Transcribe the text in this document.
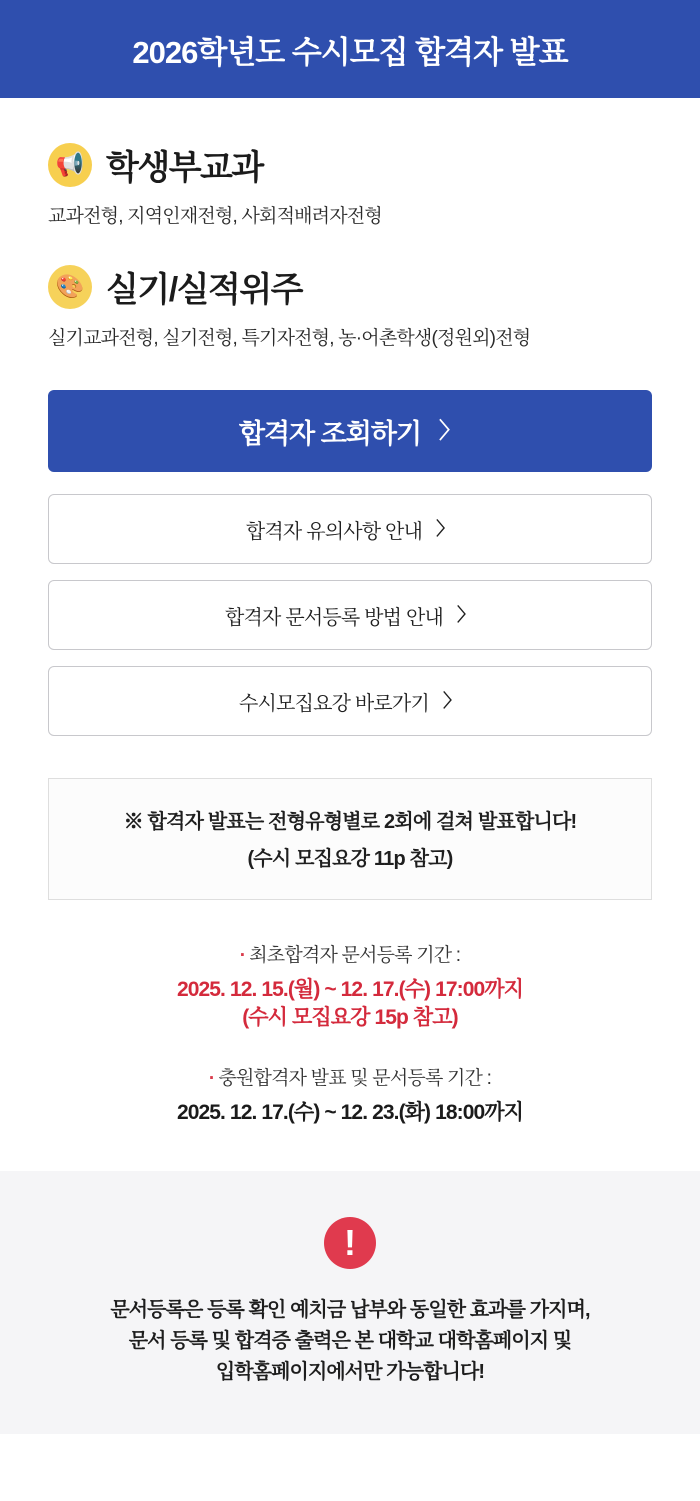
2026학년도 수시모집 합격자 발표
📢 학생부교과
교과전형, 지역인재전형, 사회적배려자전형
🎨 실기/실적위주
실기교과전형, 실기전형, 특기자전형, 농·어촌학생(정원외)전형
합격자 조회하기 〉
합격자 유의사항 안내 〉
합격자 문서등록 방법 안내 〉
수시모집요강 바로가기 〉
※ 합격자 발표는 전형유형별로 2회에 걸쳐 발표합니다!
(수시 모집요강 11p 참고)
· 최초합격자 문서등록 기간 :
2025. 12. 15.(월) ~ 12. 17.(수) 17:00까지
(수시 모집요강 15p 참고)
· 충원합격자 발표 및 문서등록 기간 :
2025. 12. 17.(수) ~ 12. 23.(화) 18:00까지
!
문서등록은 등록 확인 예치금 납부와 동일한 효과를 가지며,
문서 등록 및 합격증 출력은 본 대학교 대학홈페이지 및
입학홈페이지에서만 가능합니다!
